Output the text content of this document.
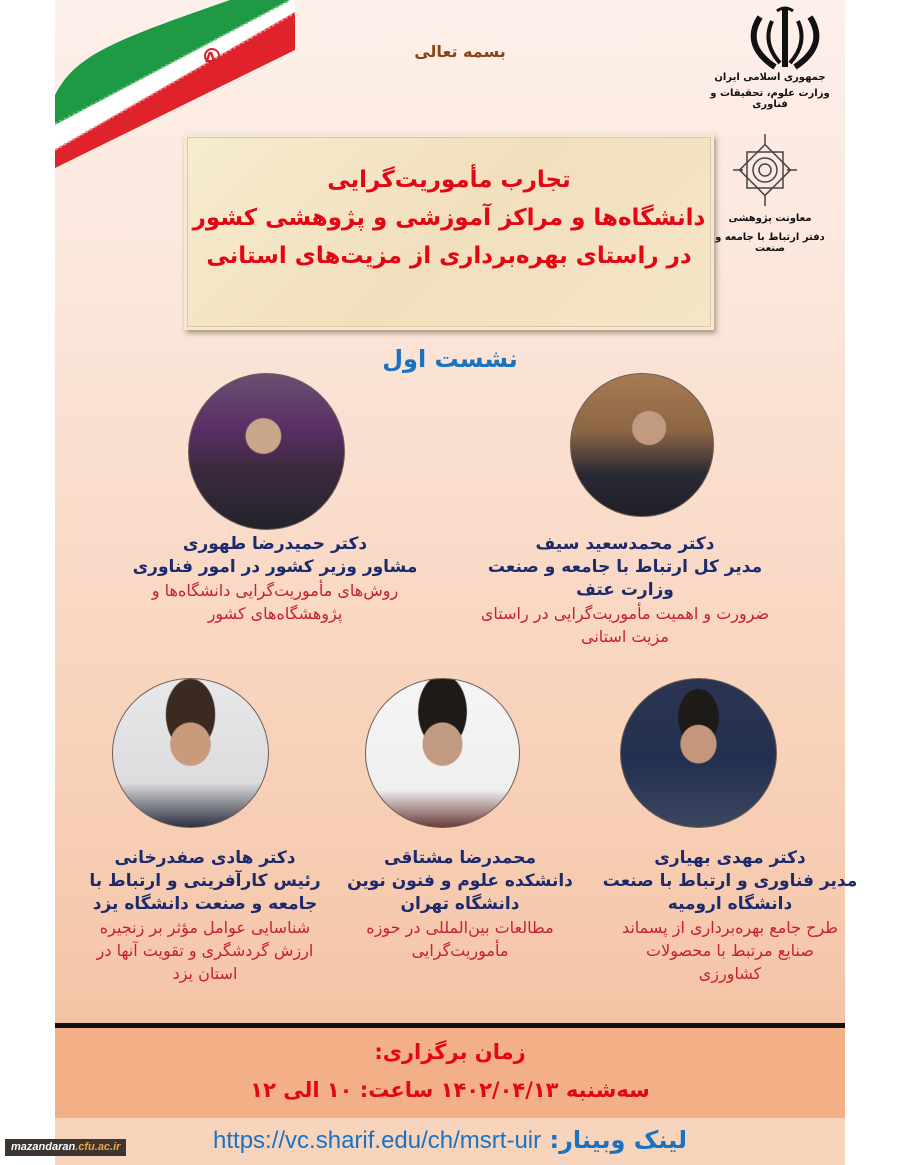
ⵠ	بسمه تعالی
جمهوری اسلامی ایران
وزارت علوم، تحقیقات و فناوری
معاونت پژوهشی
دفتر ارتباط با جامعه و صنعت
تجارب مأموریت‌گرایی
دانشگاه‌ها و مراکز آموزشی و پژوهشی کشور
در راستای بهره‌برداری از مزیت‌های استانی
نشست اول
دکتر محمدسعید سیف
مدیر کل ارتباط با جامعه و صنعت وزارت عتف
ضرورت و اهمیت مأموریت‌گرایی در راستای
مزیت استانی
دکتر حمیدرضا طهوری
مشاور وزیر کشور در امور فناوری
روش‌های مأموریت‌گرایی دانشگاه‌ها و
پژوهشگاه‌های کشور
دکتر مهدی بهیاری
مدیر فناوری و ارتباط با صنعت
دانشگاه ارومیه
طرح جامع بهره‌برداری از پسماند
صنایع مرتبط با محصولات
کشاورزی
محمدرضا مشتاقی
دانشکده علوم و فنون نوین
دانشگاه تهران
مطالعات بین‌المللی در حوزه
مأموریت‌گرایی
دکتر هادی صفدرخانی
رئیس کارآفرینی و ارتباط با
جامعه و صنعت دانشگاه یزد
شناسایی عوامل مؤثر بر زنجیره
ارزش گردشگری و تقویت آنها در
استان یزد
زمان برگزاری:
سه‌شنبه ۱۴۰۲/۰۴/۱۳ ساعت: ۱۰ الی ۱۲
لینک وبینار: https://vc.sharif.edu/ch/msrt-uir
mazandaran.cfu.ac.ir
